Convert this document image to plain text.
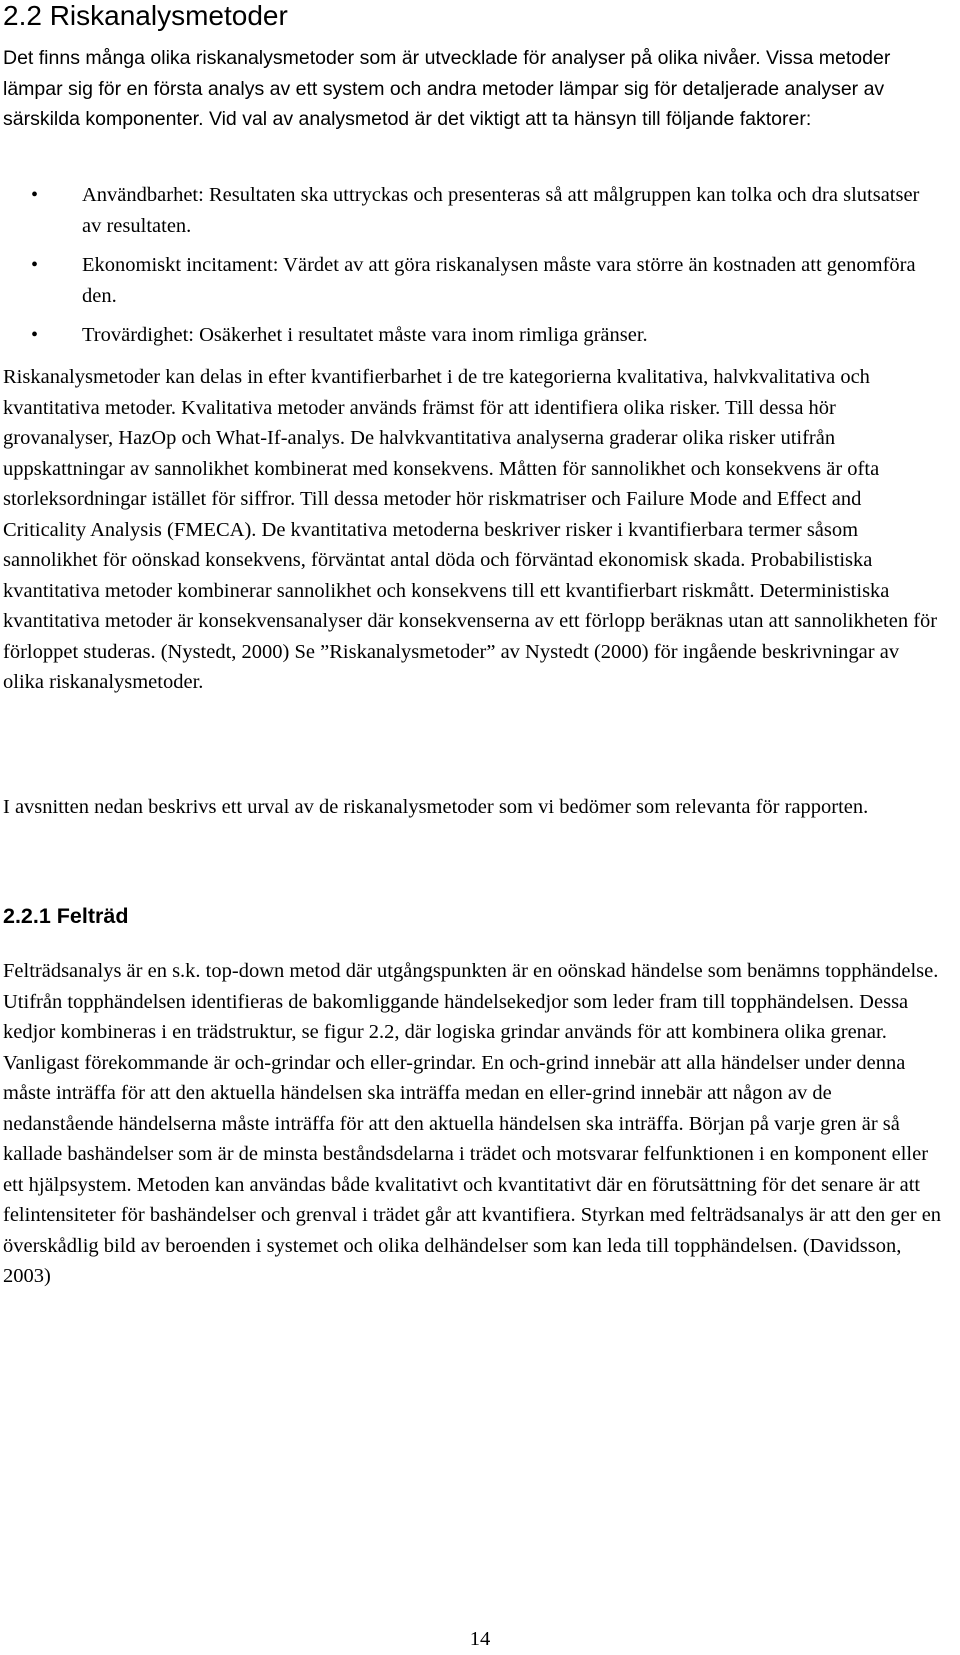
2.2 Riskanalysmetoder

Det finns många olika riskanalysmetoder som är utvecklade för analyser på olika nivåer. Vissa metoder lämpar sig för en första analys av ett system och andra metoder lämpar sig för detaljerade analyser av särskilda komponenter. Vid val av analysmetod är det viktigt att ta hänsyn till följande faktorer:

• Användbarhet: Resultaten ska uttryckas och presenteras så att målgruppen kan tolka och dra slutsatser av resultaten.
• Ekonomiskt incitament: Värdet av att göra riskanalysen måste vara större än kostnaden att genomföra den.
• Trovärdighet: Osäkerhet i resultatet måste vara inom rimliga gränser.

Riskanalysmetoder kan delas in efter kvantifierbarhet i de tre kategorierna kvalitativa, halvkvalitativa och kvantitativa metoder. Kvalitativa metoder används främst för att identifiera olika risker. Till dessa hör grovanalyser, HazOp och What-If-analys. De halvkvantitativa analyserna graderar olika risker utifrån uppskattningar av sannolikhet kombinerat med konsekvens. Måtten för sannolikhet och konsekvens är ofta storleksordningar istället för siffror. Till dessa metoder hör riskmatriser och Failure Mode and Effect and Criticality Analysis (FMECA). De kvantitativa metoderna beskriver risker i kvantifierbara termer såsom sannolikhet för oönskad konsekvens, förväntat antal döda och förväntad ekonomisk skada. Probabilistiska kvantitativa metoder kombinerar sannolikhet och konsekvens till ett kvantifierbart riskmått. Deterministiska kvantitativa metoder är konsekvensanalyser där konsekvenserna av ett förlopp beräknas utan att sannolikheten för förloppet studeras. (Nystedt, 2000) Se ”Riskanalysmetoder” av Nystedt (2000) för ingående beskrivningar av olika riskanalysmetoder.

I avsnitten nedan beskrivs ett urval av de riskanalysmetoder som vi bedömer som relevanta för rapporten.

2.2.1 Felträd

Felträdsanalys är en s.k. top-down metod där utgångspunkten är en oönskad händelse som benämns topphändelse. Utifrån topphändelsen identifieras de bakomliggande händelsekedjor som leder fram till topphändelsen. Dessa kedjor kombineras i en trädstruktur, se figur 2.2, där logiska grindar används för att kombinera olika grenar. Vanligast förekommande är och-grindar och eller-grindar. En och-grind innebär att alla händelser under denna måste inträffa för att den aktuella händelsen ska inträffa medan en eller-grind innebär att någon av de nedanstående händelserna måste inträffa för att den aktuella händelsen ska inträffa. Början på varje gren är så kallade bashändelser som är de minsta beståndsdelarna i trädet och motsvarar felfunktionen i en komponent eller ett hjälpsystem. Metoden kan användas både kvalitativt och kvantitativt där en förutsättning för det senare är att felintensiteter för bashändelser och grenval i trädet går att kvantifiera. Styrkan med felträdsanalys är att den ger en överskådlig bild av beroenden i systemet och olika delhändelser som kan leda till topphändelsen. (Davidsson, 2003)

14
